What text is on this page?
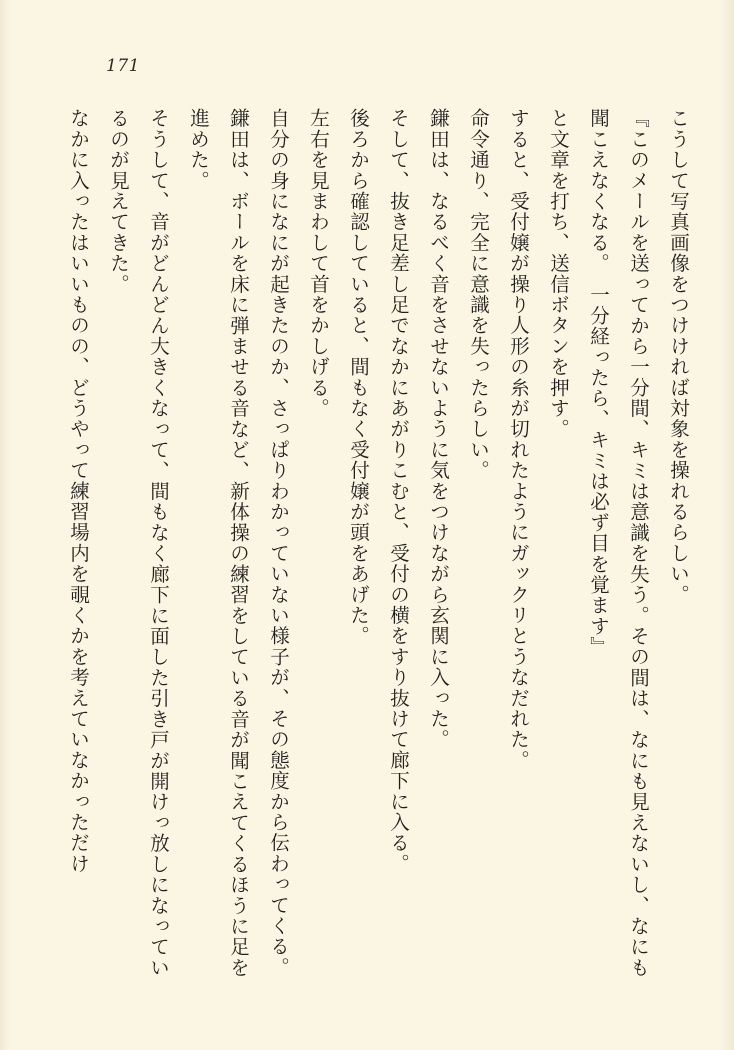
171

こうして写真画像をつけければ対象を操れるらしい。

『このメールを送ってから一分間、キミは意識を失う。その間は、なにも見えないし、なにも聞こえなくなる。　一分経ったら、キミは必ず目を覚ます』

と文章を打ち、送信ボタンを押す。

すると、受付嬢が操り人形の糸が切れたようにガックリとうなだれた。

命令通り、完全に意識を失ったらしい。

鎌田は、なるべく音をさせないように気をつけながら玄関に入った。

そして、抜き足差し足でなかにあがりこむと、受付の横をすり抜けて廊下に入る。

後ろから確認していると、間もなく受付嬢が頭をあげた。

左右を見まわして首をかしげる。

自分の身になにが起きたのか、さっぱりわかっていない様子が、その態度から伝わってくる。

鎌田は、ボールを床に弾ませる音など、新体操の練習をしている音が聞こえてくるほうに足を進めた。

そうして、音がどんどん大きくなって、間もなく廊下に面した引き戸が開けっ放しになっているのが見えてきた。

なかに入ったはいいものの、どうやって練習場内を覗くかを考えていなかっただけ
